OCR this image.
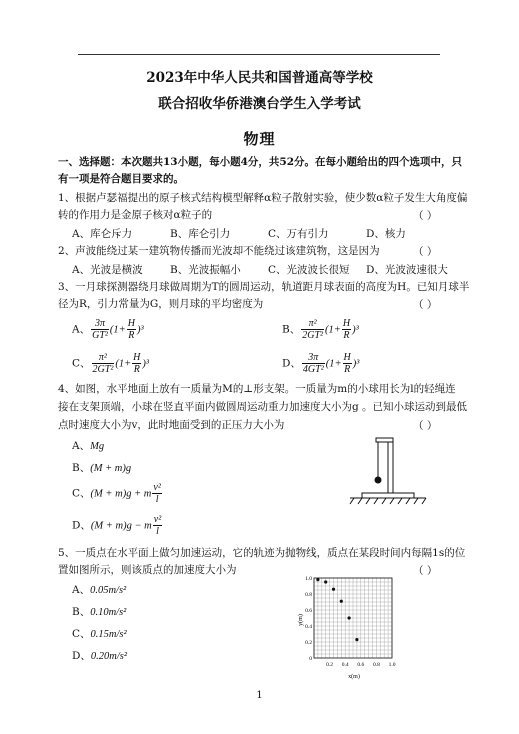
2023年中华人民共和国普通高等学校
联合招收华侨港澳台学生入学考试
物理
一、选择题：本次题共13小题，每小题4分，共52分。在每小题给出的四个选项中，只
有一项是符合题目要求的。
1、根据卢瑟福提出的原子核式结构模型解释α粒子散射实验，使少数α粒子发生大角度偏
转的作用力是金原子核对α粒子的	（ ）
A、库仑斥力	B、库仑引力	C、万有引力	D、核力
2、声波能绕过某一建筑物传播而光波却不能绕过该建筑物，这是因为	（ ）
A、光波是横波	B、光波振幅小	C、光波波长很短 D、光波波速很大
3、一月球探测器绕月球做周期为T的圆周运动，轨道距月球表面的高度为H。已知月球半
径为R，引力常量为G，则月球的平均密度为	（ ）
A、 $\frac{3\pi}{\text{GT²}} (1+ \frac{H}{R} )^3$	B、 $\frac{\text{π²}}{\text{2GT²}} (1+ \frac{H}{R} )^3$
C、 $\frac{\text{π²}}{\text{2GT²}} (1+ \frac{H}{R} )^3$	D、 $\frac{3\pi}{\text{4GT²}} (1+ \frac{H}{R} )^3$
4、如图，水平地面上放有一质量为M的⊥形支架。一质量为m的小球用长为l的轻绳连
接在支架顶端，小球在竖直平面内做圆周运动重力加速度大小为g 。已知小球运动到最低
点时速度大小为v，此时地面受到的正压力大小为	（ ）
A、Mg
B、(M + m)g
C、(M + m)g + m $\frac{\text{v²}}{l}$
D、(M + m)g − m $\frac{\text{v²}}{l}$
5、一质点在水平面上做匀加速运动，它的轨迹为抛物线，质点在某段时间内每隔1s的位
置如图所示，则该质点的加速度大小为	（ ）
A、0.05m/s²
B、0.10m/s²
C、0.15m/s²
D、0.20m/s²
0.2 0.4 0.6 0.8 1.0
0
0.2
0.4
0.6
0.8
1.0
x(m)
y(m)
1
